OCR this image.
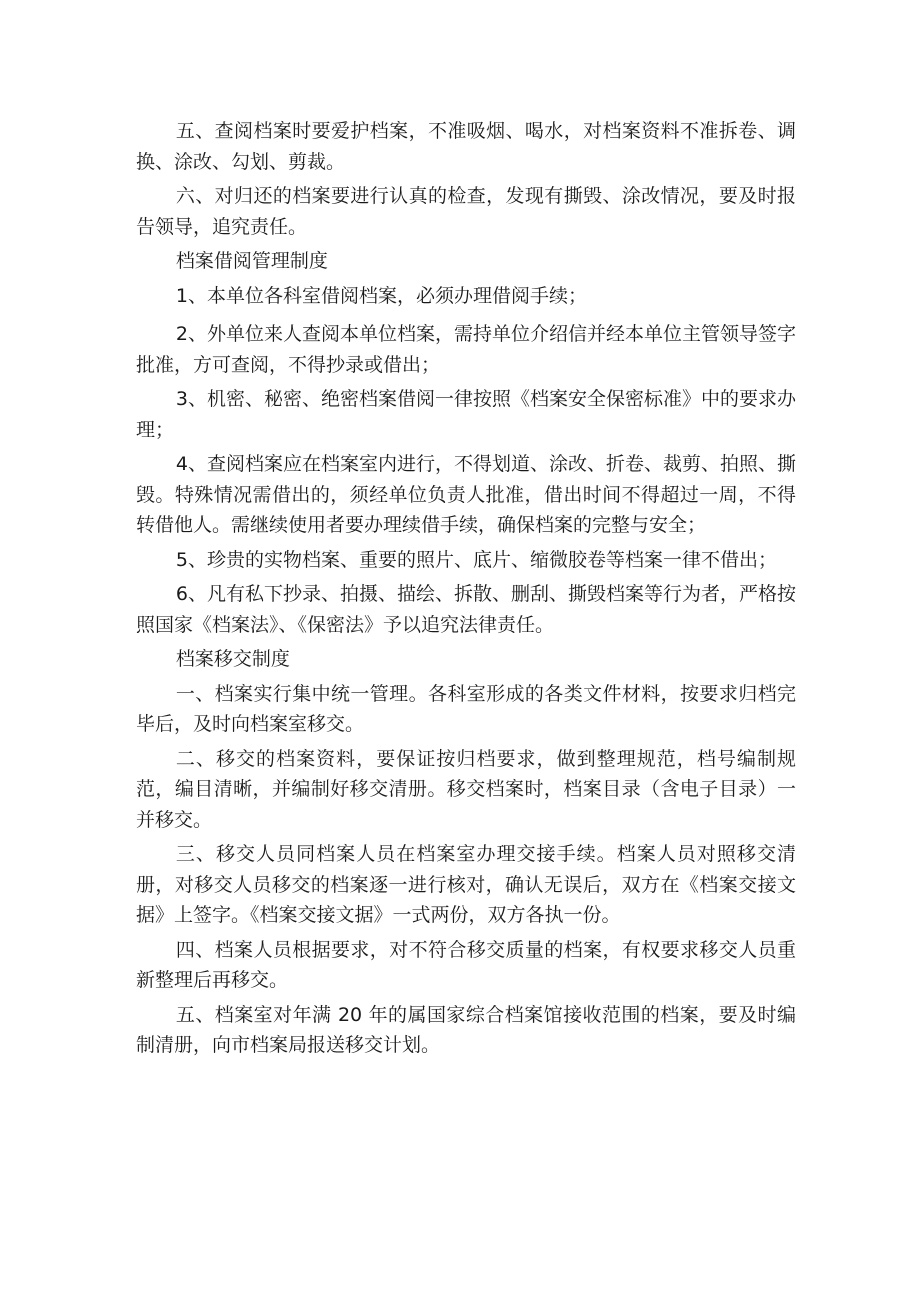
五、查阅档案时要爱护档案，不准吸烟、喝水，对档案资料不准拆卷、调换、涂改、勾划、剪裁。

六、对归还的档案要进行认真的检查，发现有撕毁、涂改情况，要及时报告领导，追究责任。

档案借阅管理制度

1、本单位各科室借阅档案，必须办理借阅手续；

2、外单位来人查阅本单位档案，需持单位介绍信并经本单位主管领导签字批准，方可查阅，不得抄录或借出；

3、机密、秘密、绝密档案借阅一律按照《档案安全保密标准》中的要求办理；

4、查阅档案应在档案室内进行，不得划道、涂改、折卷、裁剪、拍照、撕毁。特殊情况需借出的，须经单位负责人批准，借出时间不得超过一周，不得转借他人。需继续使用者要办理续借手续，确保档案的完整与安全；

5、珍贵的实物档案、重要的照片、底片、缩微胶卷等档案一律不借出；

6、凡有私下抄录、拍摄、描绘、拆散、删刮、撕毁档案等行为者，严格按照国家《档案法》、《保密法》予以追究法律责任。

档案移交制度

一、档案实行集中统一管理。各科室形成的各类文件材料，按要求归档完毕后，及时向档案室移交。

二、移交的档案资料，要保证按归档要求，做到整理规范，档号编制规范，编目清晰，并编制好移交清册。移交档案时，档案目录（含电子目录）一并移交。

三、移交人员同档案人员在档案室办理交接手续。档案人员对照移交清册，对移交人员移交的档案逐一进行核对，确认无误后，双方在《档案交接文据》上签字。《档案交接文据》一式两份，双方各执一份。

四、档案人员根据要求，对不符合移交质量的档案，有权要求移交人员重新整理后再移交。

五、档案室对年满 20 年的属国家综合档案馆接收范围的档案，要及时编制清册，向市档案局报送移交计划。
